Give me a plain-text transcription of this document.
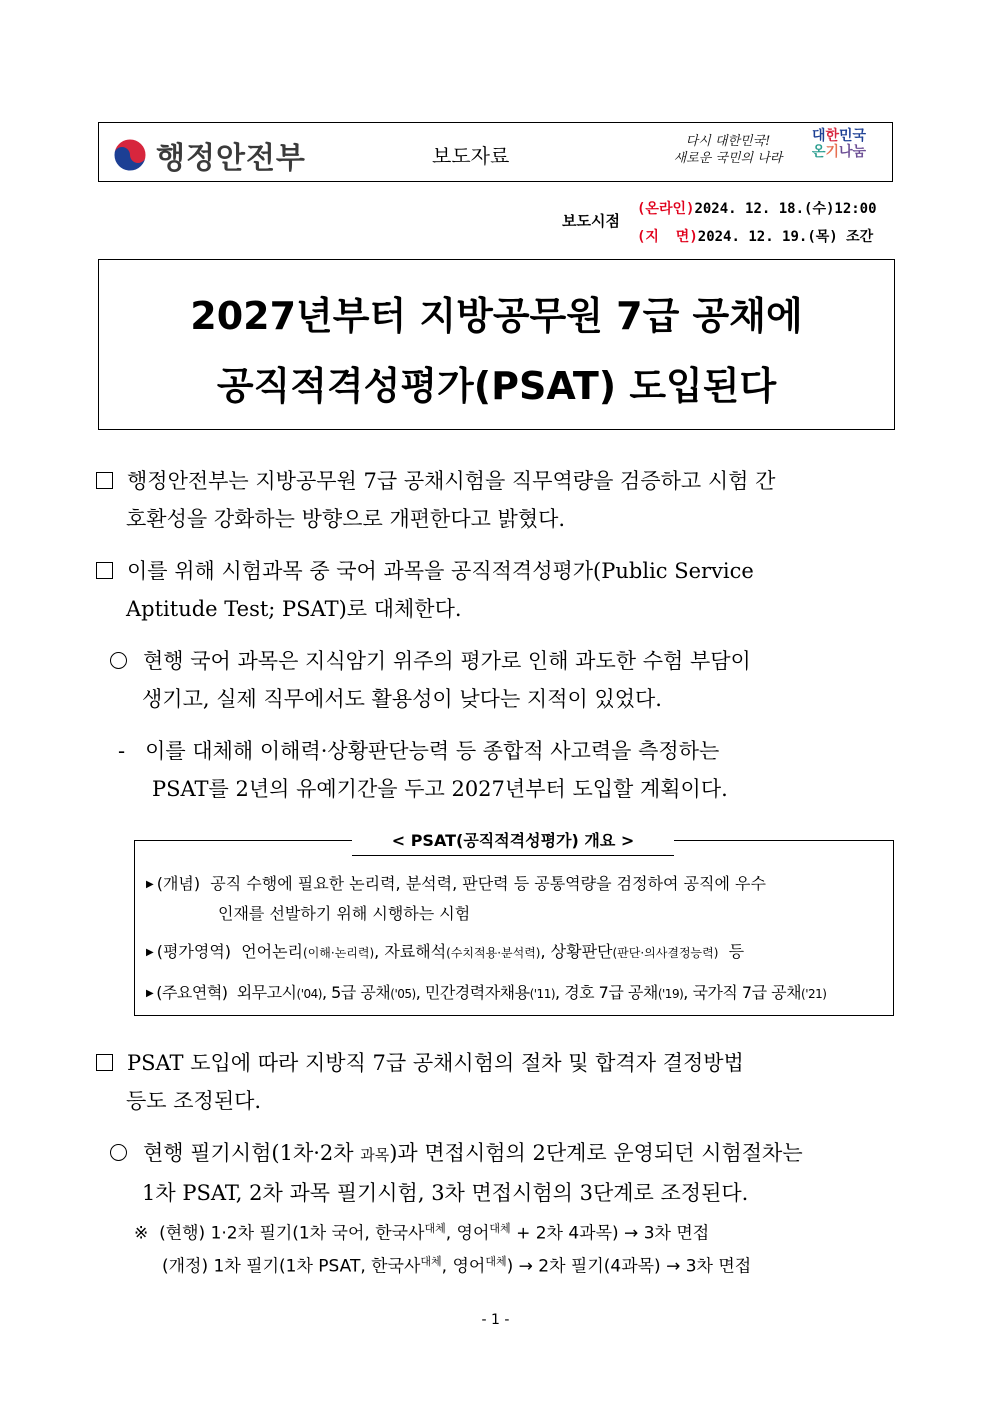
행정안전부	보도자료
다시 대한민국!
새로운 국민의 나라
대한민국
온기나눔
보도시점
(온라인)2024. 12. 18.(수)12:00
(지  면)2024. 12. 19.(목) 조간
2027년부터 지방공무원 7급 공채에
공직적격성평가(PSAT) 도입된다
행정안전부는 지방공무원 7급 공채시험을 직무역량을 검증하고 시험 간
호환성을 강화하는 방향으로 개편한다고 밝혔다.
이를 위해 시험과목 중 국어 과목을 공직적격성평가(Public Service
Aptitude Test; PSAT)로 대체한다.
현행 국어 과목은 지식암기 위주의 평가로 인해 과도한 수험 부담이
생기고, 실제 직무에서도 활용성이 낮다는 지적이 있었다.
- 이를 대체해 이해력·상황판단능력 등 종합적 사고력을 측정하는
PSAT를 2년의 유예기간을 두고 2027년부터 도입할 계획이다.
< PSAT(공직적격성평가) 개요 >
▶ (개념) 공직 수행에 필요한 논리력, 분석력, 판단력 등 공통역량을 검정하여 공직에 우수
인재를 선발하기 위해 시행하는 시험
▶ (평가영역) 언어논리(이해·논리력), 자료해석(수치적용·분석력), 상황판단(판단·의사결정능력) 등
▶ (주요연혁) 외무고시('04), 5급 공채('05), 민간경력자채용('11), 경호 7급 공채('19), 국가직 7급 공채('21)
PSAT 도입에 따라 지방직 7급 공채시험의 절차 및 합격자 결정방법
등도 조정된다.
현행 필기시험(1차·2차 과목)과 면접시험의 2단계로 운영되던 시험절차는
1차 PSAT, 2차 과목 필기시험, 3차 면접시험의 3단계로 조정된다.
※ (현행) 1·2차 필기(1차 국어, 한국사$^{대체}$, 영어$^{대체}$ + 2차 4과목) → 3차 면접
(개정) 1차 필기(1차 PSAT, 한국사$^{대체}$, 영어$^{대체}$) → 2차 필기(4과목) → 3차 면접
- 1 -
